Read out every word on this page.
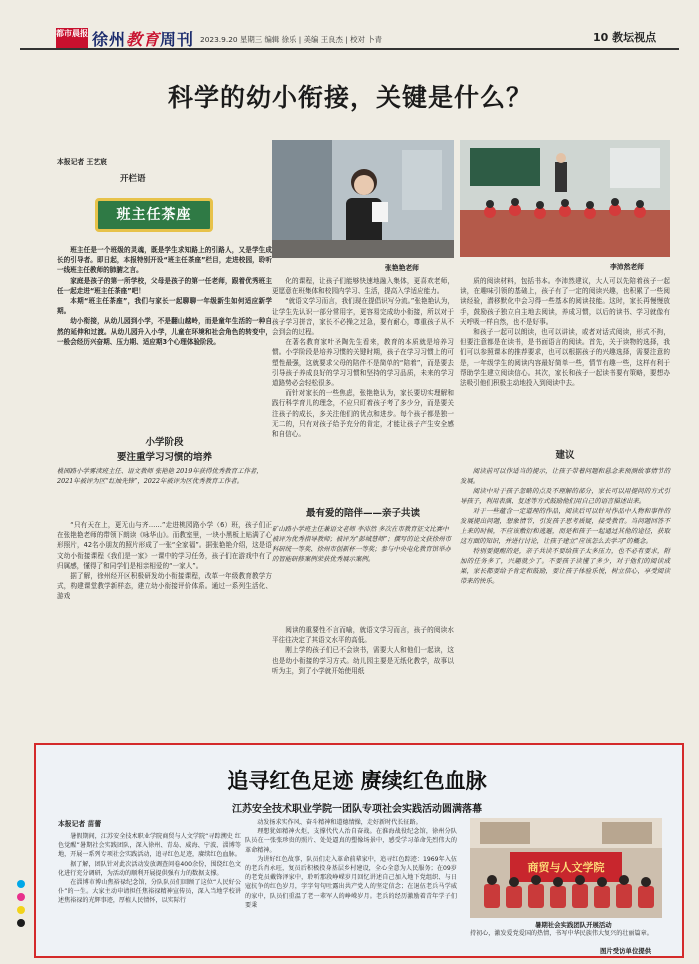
都市晨报 徐州教育周刊 2023.9.20 星期三 编辑 徐乐 | 美编 王良杰 | 校对 卜青	10 教坛视点
科学的幼小衔接，关键是什么？
本报记者 王艺宸
开栏语
班主任茶座

班主任是一个班级的灵魂，既是学生求知路上的引路人，又是学生成长的引导者。即日起，本报特别开设“班主任茶座”栏目，走进校园，聆听一线班主任教师的肺腑之言。

家庭是孩子的第一所学校，父母是孩子的第一任老师，跟着优秀班主任一起走进“班主任茶座”吧！

本期“班主任茶座”，我们与家长一起聊聊一年级新生如何适应新学期。

幼小衔接，从幼儿园到小学，不是翻山越岭，而是童年生活的一种自然的延伸和过渡。从幼儿园升入小学，儿童在环境和社会角色的转变中，一般会经历兴奋期、压力期、适应期3个心理体验阶段。

小学阶段
要注重学习习惯的培养
桃园路小学雾渎班主任、语文教师 张艳艳 2019年获得优秀教育工作者，2021年被评为区“红烛先锋”，2022年被评为区优秀教育工作者。

“只有天在上，更无山与齐……”走进桃园路小学（6）班，孩子们正在张艳艳老师的带领下朗读《咏华山》。而教室里，一块小黑板上贴满了心形照片，42名小朋友的照片形成了一张“全家福”。据张艳艳介绍，这是语文幼小衔接课程《我们是一家》一课中的学习任务，孩子们在游戏中有了归属感，懂得了和同学们是相亲相爱的“一家人”。

据了解，徐州经开区积极研发幼小衔接课程，改革一年级教育教学方式，构建课堂教学新样态，建立幼小衔接评价体系。通过一系列生活化、游戏

张艳艳老师	李沛然老师

化的课程，让孩子们能够快速地融入集体，更喜欢老师，更愿意在班集体和校园内学习、生活，提高入学适应能力。

“就语文学习而言，我们现在提倡识写分流。”张艳艳认为，让学生先认识一部分常用字，更容易完成幼小衔接，所以对于孩子学习拼音，家长不必操之过急，要有耐心，尊重孩子从不会到会的过程。

在著名教育家叶圣陶先生看来，教育的本质就是培养习惯。小学阶段是培养习惯的关键时期，孩子在学习习惯上的可塑性最强，这就要求父母的陪伴不是简单的“陪着”，而是要去引导孩子养成良好的学习习惯和坚持的学习品质，未来的学习道路势必会轻松很多。

而针对家长的一些焦虑，张艳艳认为，家长要切实理解和践行科学育儿的理念，不应只盯着孩子考了多少分，而是要关注孩子的成长，多关注他们的优点和进步。每个孩子都是独一无二的，只有对孩子给予充分的肯定，才能让孩子产生安全感和自信心。

最有爱的陪伴——亲子共读
矿山路小学班主任兼语文老师 李沛然 多次在市教育征文比赛中被评为优秀指导教师；被评为“彭城慧师”；撰写的论文获徐州市科研统一等奖、徐州市创新杯一等奖；参与中央电化教育馆举办的智能研修案例荣获优秀展示案例。

阅读的重要性不言而喻，就语文学习而言，孩子的阅读水平往往决定了其语文水平的高低。

刚上学的孩子们已不会读书，需要大人和他们一起读，这也是幼小衔接的学习方式。幼儿园主要是无纸化教学，故事以听为主，到了小学就开始使用纸

质的阅读材料，包括书本。李沛然建议，大人可以先陪着孩子一起读，在趣味引领的基础上，孩子有了一定的阅读兴趣，也积累了一些阅读经验，潜移默化中会习得一些基本的阅读技能。这时，家长再慢慢放手，鼓励孩子独立自主地去阅读，养成习惯，以后的读书、学习就像有天呼吸一样自然，也不是好事。

和孩子一起可以朗读，也可以讲读，或者对话式阅读，形式不拘，但要注意都是在读书，是书面语言的阅读。首先，关于读物的选择，我们可以参照课本的推荐要求，也可以根据孩子的兴趣选择，需要注意的是，一年级学生的阅读内容最好简单一些，情节有趣一些，这样有利于帮助学生建立阅读信心。其次，家长和孩子一起读书要有策略，要想办法吸引他们积极主动地投入到阅读中去。

建议

阅读前可以作适当的提示，让孩子带着问题和悬念来预测故事情节的发展。

阅读中对于孩子忽略的点及不理解的部分，家长可以用提问的方式引导孩子，利用表演、复述等方式鼓励他们用自己的语言描述出来。

对于一些蕴含一定道理的作品，阅读后可以针对作品中人物和事件的发展提出问题，想象情节，引发孩子思考质疑，接受教育。当问题回答不上来的时候，不应该敷衍和逃避，而是和孩子一起通过其他的途径，获取这方面的知识，并进行讨论，让孩子建立“应该怎么去学习”的概念。

特别要提醒的是，亲子共读不要给孩子太多压力，也不必有要求，附加的任务多了，兴趣就少了。不要孩子读懂了多少，对于他们的阅读成果，家长都要给予肯定和鼓励，要让孩子体验乐悦，树立信心，享受阅读带来的快乐。

追寻红色足迹 赓续红色血脉
江苏安全技术职业学院一团队专项社会实践活动圆满落幕
本报记者 苗蕾

暑假期间，江苏安全技术职业学院商贸与人文学院“寻踪溯史 红色觉醒”暑期社会实践团队，深入徐州、青岛、威海、宁波、淄博等地，开展一系列专项社会实践活动，追寻红色足迹，赓续红色血脉。

据了解，团队针对此次活动发放调查问卷400余份，围绕红色文化进行充分调研，为活动的顺利开展提供强有力的数据支撑。

在淄博市博山焦裕禄纪念馆，分队队员们回顾了这位“人民好公仆”的一生。大家主动申请担任焦裕禄精神宣传员，深入当地学校讲述焦裕禄的光辉事迹，厚植人民情怀，以实际行

动发扬求实作风、奋斗精神和道德情操，走好新时代长征路。

理想犹如精神火炬，支撑代代人治自奋战。在淮海战役纪念馆，徐州分队队员在一张张珍贵的照片、处处逼真的塑像场景中，感受学习革命先烈伟大的革命精神。

为讲好红色故事，队员们走入革命前辈家中，追寻红色踪迹：1969年入伍的老兵肖永旺，复员后积极投身基层乡村建设，全心全意为人民服务；在09岁的老党员戴锋泽家中，聆听那段峥嵘岁月回忆讲述自己加入地下党组织、与日寇抗争的红色岁月，字字句句吐露出共产党人的坚定信念；在退伍老兵马学威的家中，队员们重温了老一辈军人的峥嵘岁月。老兵的经历激励着青年学子们要秉

商贸与人文学院
暑期社会实践团队开展活动

持初心，激发爱党爱国的热情，书写中华民族伟大复兴的壮丽篇章。

图片受访单位提供
